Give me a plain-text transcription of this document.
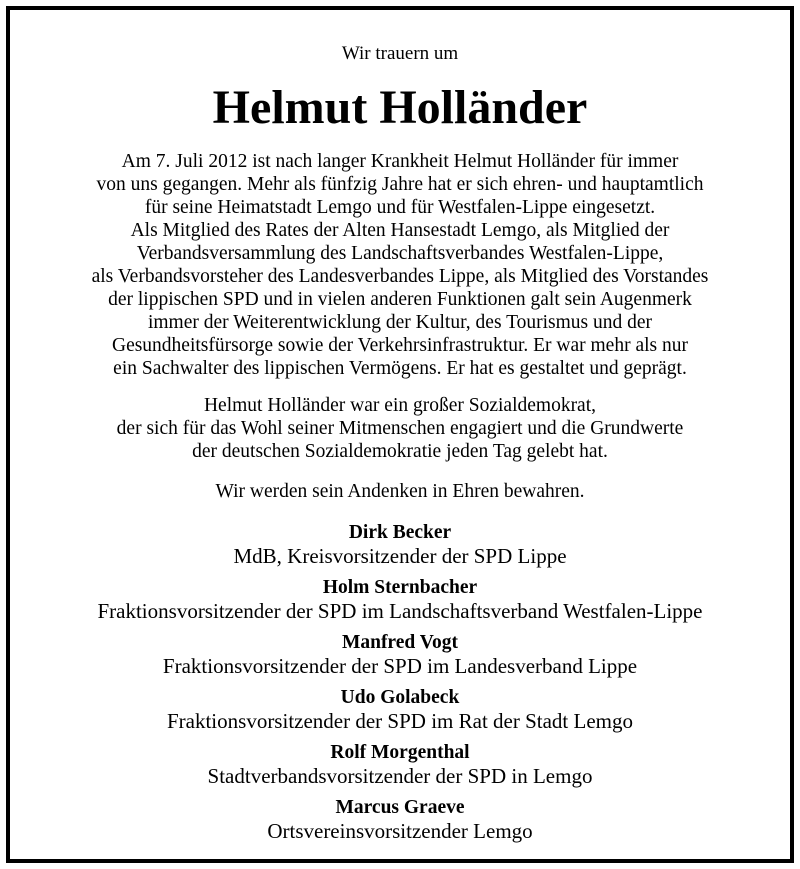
Wir trauern um
Helmut Holländer
Am 7. Juli 2012 ist nach langer Krankheit Helmut Holländer für immer
von uns gegangen. Mehr als fünfzig Jahre hat er sich ehren- und hauptamtlich
für seine Heimatstadt Lemgo und für Westfalen-Lippe eingesetzt.
Als Mitglied des Rates der Alten Hansestadt Lemgo, als Mitglied der
Verbandsversammlung des Landschaftsverbandes Westfalen-Lippe,
als Verbandsvorsteher des Landesverbandes Lippe, als Mitglied des Vorstandes
der lippischen SPD und in vielen anderen Funktionen galt sein Augenmerk
immer der Weiterentwicklung der Kultur, des Tourismus und der
Gesundheitsfürsorge sowie der Verkehrsinfrastruktur. Er war mehr als nur
ein Sachwalter des lippischen Vermögens. Er hat es gestaltet und geprägt.
Helmut Holländer war ein großer Sozialdemokrat,
der sich für das Wohl seiner Mitmenschen engagiert und die Grundwerte
der deutschen Sozialdemokratie jeden Tag gelebt hat.
Wir werden sein Andenken in Ehren bewahren.
Dirk Becker
MdB, Kreisvorsitzender der SPD Lippe
Holm Sternbacher
Fraktionsvorsitzender der SPD im Landschaftsverband Westfalen-Lippe
Manfred Vogt
Fraktionsvorsitzender der SPD im Landesverband Lippe
Udo Golabeck
Fraktionsvorsitzender der SPD im Rat der Stadt Lemgo
Rolf Morgenthal
Stadtverbandsvorsitzender der SPD in Lemgo
Marcus Graeve
Ortsvereinsvorsitzender Lemgo
